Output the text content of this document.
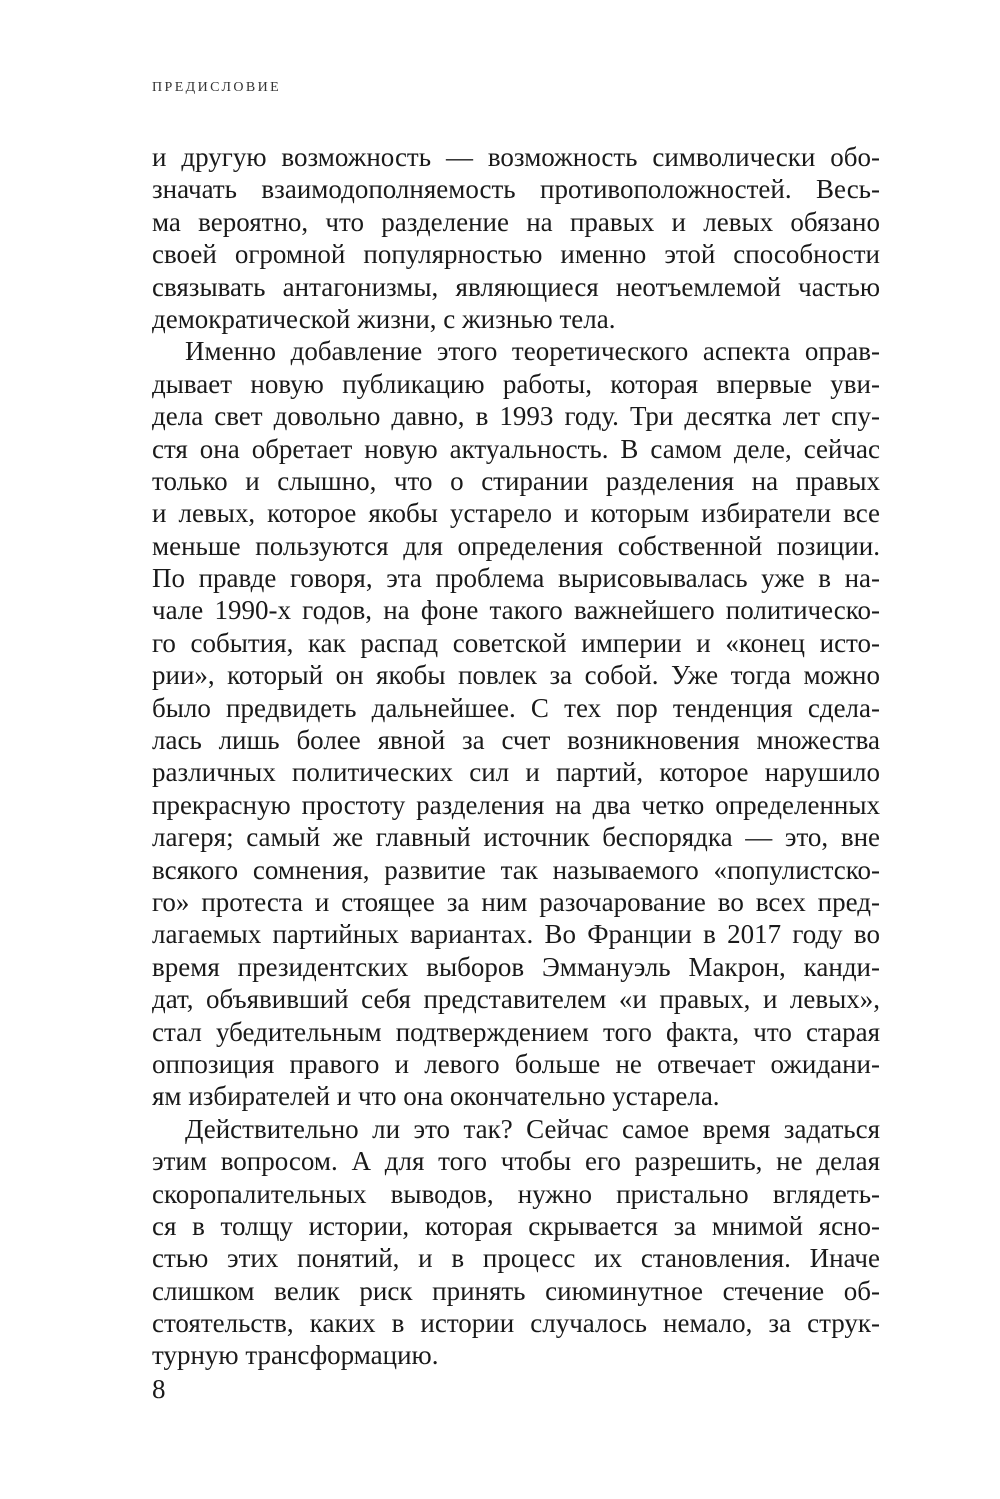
ПРЕДИСЛОВИЕ
и другую возможность — возможность символически обо-
значать взаимодополняемость противоположностей. Весь-
ма вероятно, что разделение на правых и левых обязано
своей огромной популярностью именно этой способности
связывать антагонизмы, являющиеся неотъемлемой частью
демократической жизни, с жизнью тела.
Именно добавление этого теоретического аспекта оправ-
дывает новую публикацию работы, которая впервые уви-
дела свет довольно давно, в 1993 году. Три десятка лет спу-
стя она обретает новую актуальность. В самом деле, сейчас
только и слышно, что о стирании разделения на правых
и левых, которое якобы устарело и которым избиратели все
меньше пользуются для определения собственной позиции.
По правде говоря, эта проблема вырисовывалась уже в на-
чале 1990-х годов, на фоне такого важнейшего политическо-
го события, как распад советской империи и «конец исто-
рии», который он якобы повлек за собой. Уже тогда можно
было предвидеть дальнейшее. С тех пор тенденция сдела-
лась лишь более явной за счет возникновения множества
различных политических сил и партий, которое нарушило
прекрасную простоту разделения на два четко определенных
лагеря; самый же главный источник беспорядка — это, вне
всякого сомнения, развитие так называемого «популистско-
го» протеста и стоящее за ним разочарование во всех пред-
лагаемых партийных вариантах. Во Франции в 2017 году во
время президентских выборов Эммануэль Макрон, канди-
дат, объявивший себя представителем «и правых, и левых»,
стал убедительным подтверждением того факта, что старая
оппозиция правого и левого больше не отвечает ожидани-
ям избирателей и что она окончательно устарела.
Действительно ли это так? Сейчас самое время задаться
этим вопросом. А для того чтобы его разрешить, не делая
скоропалительных выводов, нужно пристально вглядеть-
ся в толщу истории, которая скрывается за мнимой ясно-
стью этих понятий, и в процесс их становления. Иначе
слишком велик риск принять сиюминутное стечение об-
стоятельств, каких в истории случалось немало, за струк-
турную трансформацию.
8
